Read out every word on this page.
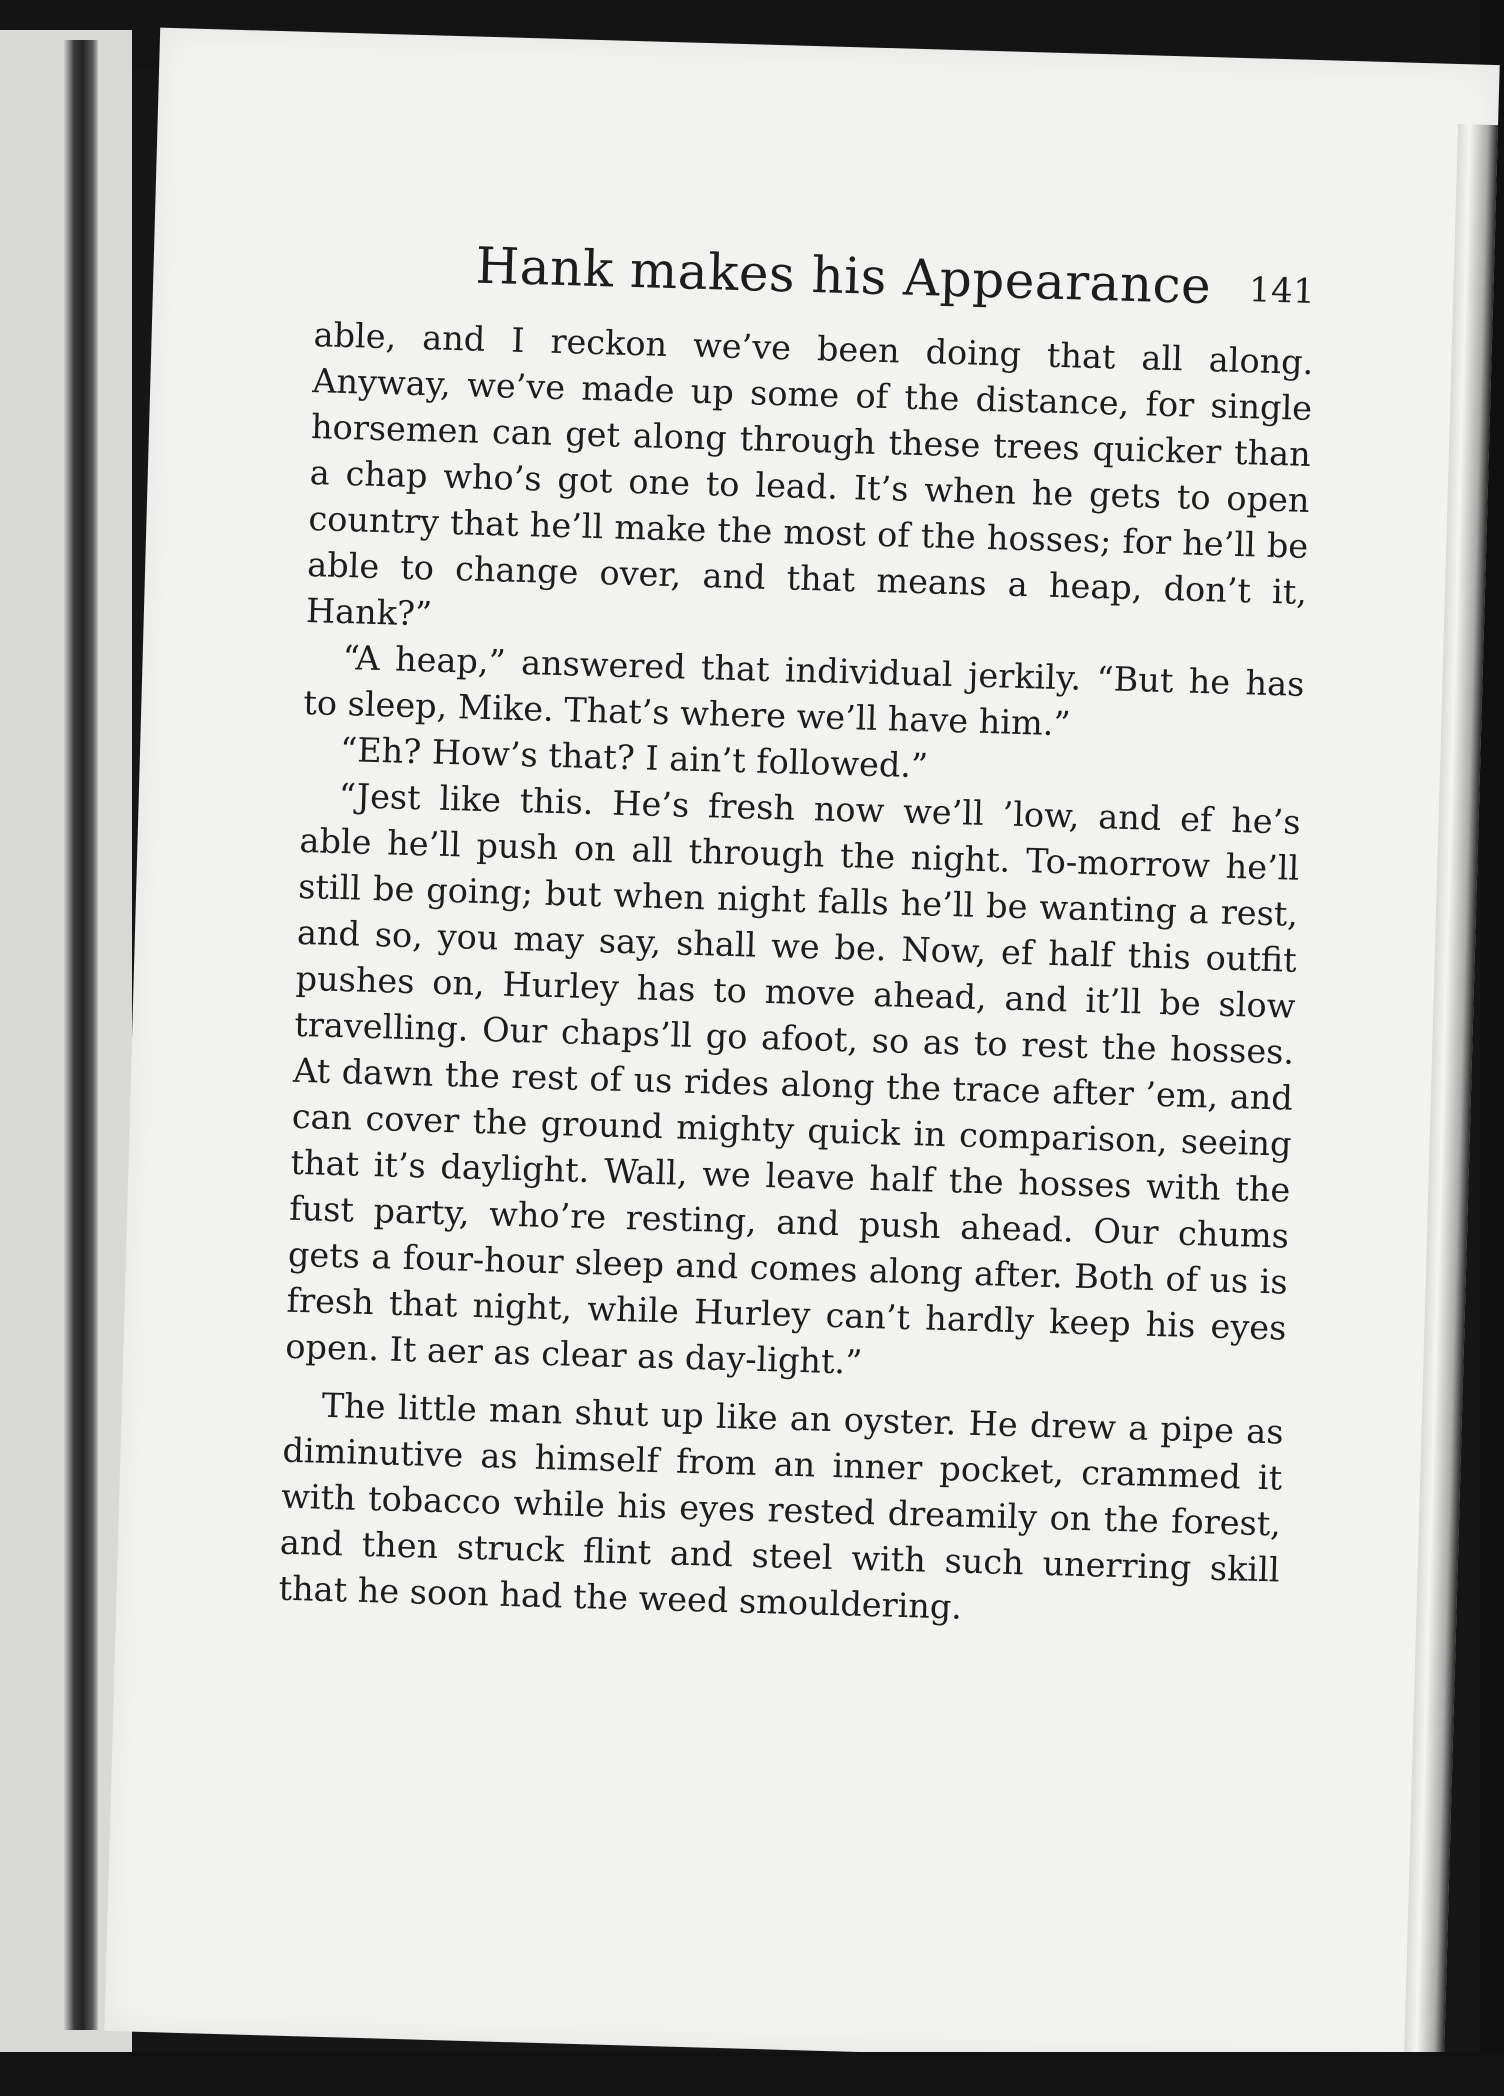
Hank makes his Appearance 141

able, and I reckon we’ve been doing that all along. Anyway, we’ve made up some of the distance, for single horsemen can get along through these trees quicker than a chap who’s got one to lead. It’s when he gets to open country that he’ll make the most of the hosses; for he’ll be able to change over, and that means a heap, don’t it, Hank?”

“A heap,” answered that individual jerkily. “But he has to sleep, Mike. That’s where we’ll have him.”

“Eh? How’s that? I ain’t followed.”

“Jest like this. He’s fresh now we’ll ’low, and ef he’s able he’ll push on all through the night. To-morrow he’ll still be going; but when night falls he’ll be wanting a rest, and so, you may say, shall we be. Now, ef half this outfit pushes on, Hurley has to move ahead, and it’ll be slow travelling. Our chaps’ll go afoot, so as to rest the hosses. At dawn the rest of us rides along the trace after ’em, and can cover the ground mighty quick in comparison, seeing that it’s daylight. Wall, we leave half the hosses with the fust party, who’re resting, and push ahead. Our chums gets a four-hour sleep and comes along after. Both of us is fresh that night, while Hurley can’t hardly keep his eyes open. It aer as clear as day-light.”

The little man shut up like an oyster. He drew a pipe as diminutive as himself from an inner pocket, crammed it with tobacco while his eyes rested dreamily on the forest, and then struck flint and steel with such unerring skill that he soon had the weed smouldering.
